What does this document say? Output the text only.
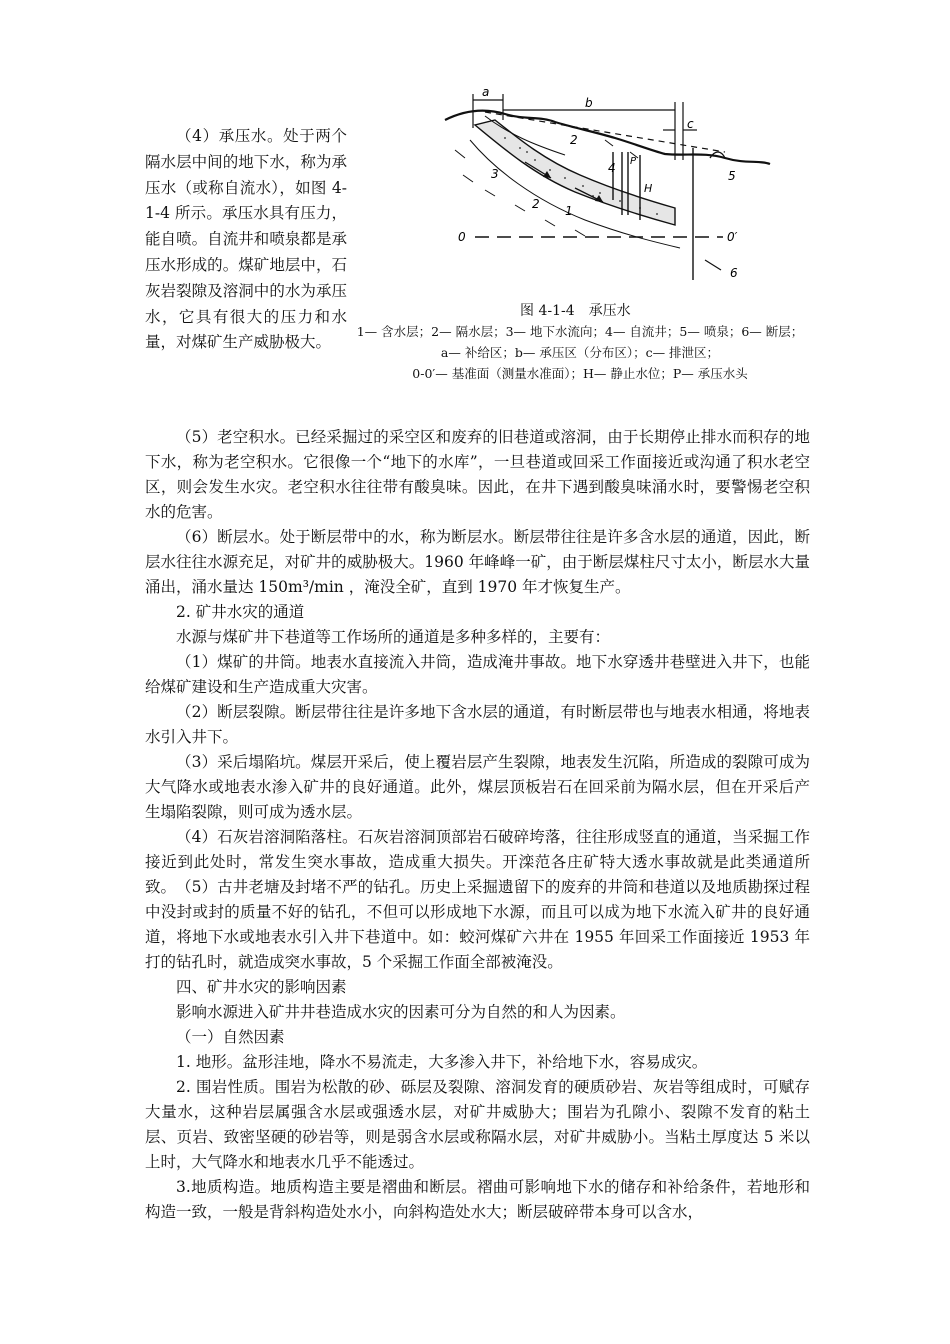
（4）承压水。处于两个隔水层中间的地下水，称为承压水（或称自流水），如图 4-1-4 所示。承压水具有压力，能自喷。自流井和喷泉都是承压水形成的。煤矿地层中，石灰岩裂隙及溶洞中的水为承压水，它具有很大的压力和水量，对煤矿生产威胁极大。

a
b
c
1
2
2
3	4
5
6
0	0′
H
P
图 4-1-4　承压水
1— 含水层；2— 隔水层；3— 地下水流向；4— 自流井；5— 喷泉；6— 断层；
a— 补给区；b— 承压区（分布区）；c— 排泄区；
0-0′— 基准面（测量水准面）；H— 静止水位；P— 承压水头

（5）老空积水。已经采掘过的采空区和废弃的旧巷道或溶洞，由于长期停止排水而积存的地下水，称为老空积水。它很像一个“地下的水库”，一旦巷道或回采工作面接近或沟通了积水老空区，则会发生水灾。老空积水往往带有酸臭味。因此，在井下遇到酸臭味涌水时，要警惕老空积水的危害。

（6）断层水。处于断层带中的水，称为断层水。断层带往往是许多含水层的通道，因此，断层水往往水源充足，对矿井的威胁极大。1960 年峰峰一矿，由于断层煤柱尺寸太小，断层水大量涌出，涌水量达 150m³/min ，淹没全矿，直到 1970 年才恢复生产。

2. 矿井水灾的通道

水源与煤矿井下巷道等工作场所的通道是多种多样的，主要有：

（1）煤矿的井筒。地表水直接流入井筒，造成淹井事故。地下水穿透井巷壁进入井下，也能给煤矿建设和生产造成重大灾害。

（2）断层裂隙。断层带往往是许多地下含水层的通道，有时断层带也与地表水相通，将地表水引入井下。

（3）采后塌陷坑。煤层开采后，使上覆岩层产生裂隙，地表发生沉陷，所造成的裂隙可成为大气降水或地表水渗入矿井的良好通道。此外，煤层顶板岩石在回采前为隔水层，但在开采后产生塌陷裂隙，则可成为透水层。

（4）石灰岩溶洞陷落柱。石灰岩溶洞顶部岩石破碎垮落，往往形成竖直的通道，当采掘工作接近到此处时，常发生突水事故，造成重大损失。开滦范各庄矿特大透水事故就是此类通道所致。 （5）古井老塘及封堵不严的钻孔。历史上采掘遗留下的废弃的井筒和巷道以及地质勘探过程中没封或封的质量不好的钻孔，不但可以形成地下水源，而且可以成为地下水流入矿井的良好通道，将地下水或地表水引入井下巷道中。如：蛟河煤矿六井在 1955 年回采工作面接近 1953 年打的钻孔时，就造成突水事故，5 个采掘工作面全部被淹没。

四、矿井水灾的影响因素

影响水源进入矿井井巷造成水灾的因素可分为自然的和人为因素。

（一）自然因素

1. 地形。盆形洼地，降水不易流走，大多渗入井下，补给地下水，容易成灾。

2. 围岩性质。围岩为松散的砂、砾层及裂隙、溶洞发育的硬质砂岩、灰岩等组成时，可赋存大量水，这种岩层属强含水层或强透水层，对矿井威胁大；围岩为孔隙小、裂隙不发育的粘土层、页岩、致密坚硬的砂岩等，则是弱含水层或称隔水层，对矿井威胁小。当粘土厚度达 5 米以上时，大气降水和地表水几乎不能透过。

3.地质构造。地质构造主要是褶曲和断层。褶曲可影响地下水的储存和补给条件，若地形和构造一致，一般是背斜构造处水小，向斜构造处水大；断层破碎带本身可以含水，
